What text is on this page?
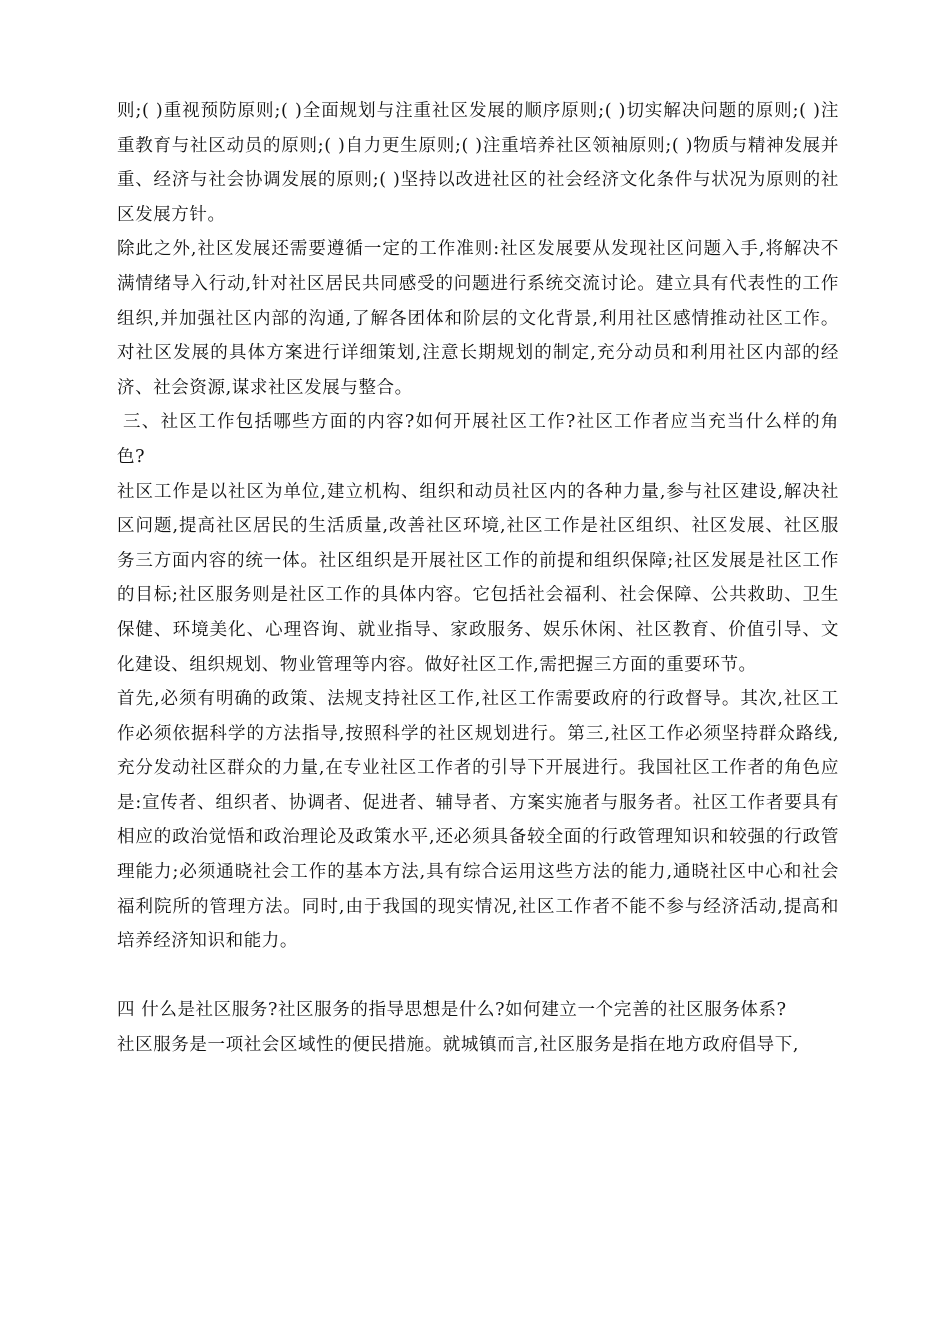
则;( )重视预防原则;( )全面规划与注重社区发展的顺序原则;( )切实解决问题的原则;( )注重教育与社区动员的原则;( )自力更生原则;( )注重培养社区领袖原则;( )物质与精神发展并重、经济与社会协调发展的原则;( )坚持以改进社区的社会经济文化条件与状况为原则的社区发展方针。

除此之外,社区发展还需要遵循一定的工作准则:社区发展要从发现社区问题入手,将解决不满情绪导入行动,针对社区居民共同感受的问题进行系统交流讨论。建立具有代表性的工作组织,并加强社区内部的沟通,了解各团体和阶层的文化背景,利用社区感情推动社区工作。对社区发展的具体方案进行详细策划,注意长期规划的制定,充分动员和利用社区内部的经济、社会资源,谋求社区发展与整合。

三、社区工作包括哪些方面的内容?如何开展社区工作?社区工作者应当充当什么样的角色?

社区工作是以社区为单位,建立机构、组织和动员社区内的各种力量,参与社区建设,解决社区问题,提高社区居民的生活质量,改善社区环境,社区工作是社区组织、社区发展、社区服务三方面内容的统一体。社区组织是开展社区工作的前提和组织保障;社区发展是社区工作的目标;社区服务则是社区工作的具体内容。它包括社会福利、社会保障、公共救助、卫生保健、环境美化、心理咨询、就业指导、家政服务、娱乐休闲、社区教育、价值引导、文化建设、组织规划、物业管理等内容。做好社区工作,需把握三方面的重要环节。

首先,必须有明确的政策、法规支持社区工作,社区工作需要政府的行政督导。其次,社区工作必须依据科学的方法指导,按照科学的社区规划进行。第三,社区工作必须坚持群众路线,充分发动社区群众的力量,在专业社区工作者的引导下开展进行。我国社区工作者的角色应是:宣传者、组织者、协调者、促进者、辅导者、方案实施者与服务者。社区工作者要具有相应的政治觉悟和政治理论及政策水平,还必须具备较全面的行政管理知识和较强的行政管理能力;必须通晓社会工作的基本方法,具有综合运用这些方法的能力,通晓社区中心和社会福利院所的管理方法。同时,由于我国的现实情况,社区工作者不能不参与经济活动,提高和培养经济知识和能力。

四 什么是社区服务?社区服务的指导思想是什么?如何建立一个完善的社区服务体系?

社区服务是一项社会区域性的便民措施。就城镇而言,社区服务是指在地方政府倡导下,
